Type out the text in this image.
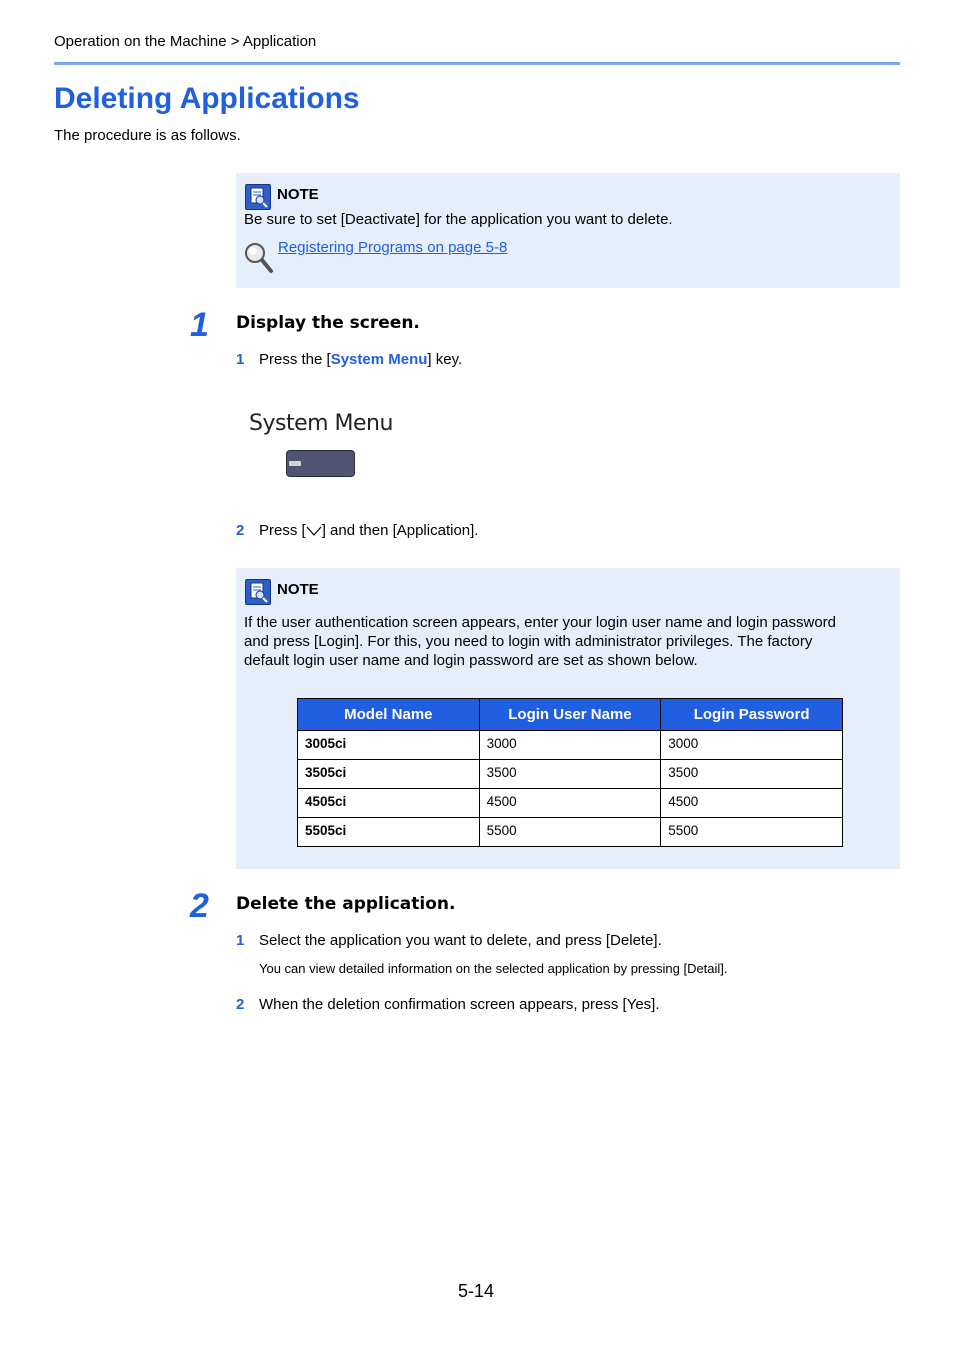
Operation on the Machine > Application
Deleting Applications
The procedure is as follows.
NOTE
Be sure to set [Deactivate] for the application you want to delete.
Registering Programs on page 5-8
1 Display the screen.
1 Press the [System Menu] key.
System Menu
2 Press [ ] and then [Application].
NOTE
If the user authentication screen appears, enter your login user name and login password
and press [Login]. For this, you need to login with administrator privileges. The factory
default login user name and login password are set as shown below.
Model Name	Login User Name	Login Password
3005ci	3000	3000
3505ci	3500	3500
4505ci	4500	4500
5505ci	5500	5500
2 Delete the application.
1 Select the application you want to delete, and press [Delete].
You can view detailed information on the selected application by pressing [Detail].
2 When the deletion confirmation screen appears, press [Yes].
5-14
